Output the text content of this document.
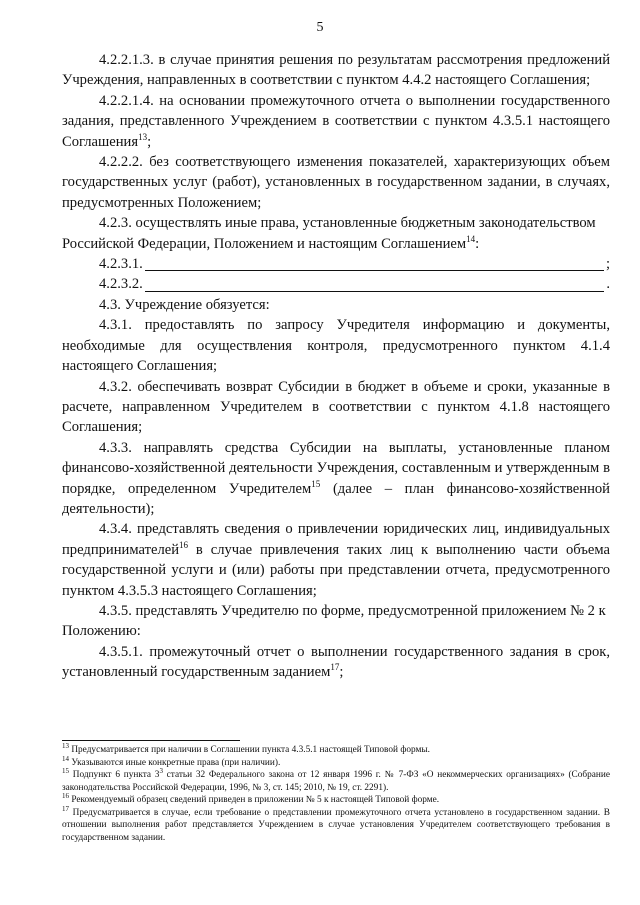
5

4.2.2.1.3. в случае принятия решения по результатам рассмотрения предложений Учреждения, направленных в соответствии с пунктом 4.4.2 настоящего Соглашения;

4.2.2.1.4. на основании промежуточного отчета о выполнении государственного задания, представленного Учреждением в соответствии с пунктом 4.3.5.1 настоящего Соглашения$^{13}$;

4.2.2.2. без соответствующего изменения показателей, характеризующих объем государственных услуг (работ), установленных в государственном задании, в случаях, предусмотренных Положением;

4.2.3. осуществлять иные права, установленные бюджетным законодательством Российской Федерации, Положением и настоящим Соглашением$^{14}$:

4.2.3.1.	;
4.2.3.2.	.

4.3. Учреждение обязуется:

4.3.1. предоставлять по запросу Учредителя информацию и документы, необходимые для осуществления контроля, предусмотренного пунктом 4.1.4 настоящего Соглашения;

4.3.2. обеспечивать возврат Субсидии в бюджет в объеме и сроки, указанные в расчете, направленном Учредителем в соответствии с пунктом 4.1.8 настоящего Соглашения;

4.3.3. направлять средства Субсидии на выплаты, установленные планом финансово-хозяйственной деятельности Учреждения, составленным и утвержденным в порядке, определенном Учредителем$^{15}$ (далее – план финансово-хозяйственной деятельности);

4.3.4. представлять сведения о привлечении юридических лиц, индивидуальных предпринимателей$^{16}$ в случае привлечения таких лиц к выполнению части объема государственной услуги и (или) работы при представлении отчета, предусмотренного пунктом 4.3.5.3 настоящего Соглашения;

4.3.5. представлять Учредителю по форме, предусмотренной приложением № 2 к Положению:

4.3.5.1. промежуточный отчет о выполнении государственного задания в срок, установленный государственным заданием$^{17}$;

$^{13}$ Предусматривается при наличии в Соглашении пункта 4.3.5.1 настоящей Типовой формы.

$^{14}$ Указываются иные конкретные права (при наличии).

$^{15}$ Подпункт 6 пункта $3^3$ статьи 32 Федерального закона от 12 января 1996 г. № 7-ФЗ «О некоммерческих организациях» (Собрание законодательства Российской Федерации, 1996, № 3, ст. 145; 2010, № 19, ст. 2291).

$^{16}$ Рекомендуемый образец сведений приведен в приложении № 5 к настоящей Типовой форме.

$^{17}$ Предусматривается в случае, если требование о представлении промежуточного отчета установлено в государственном задании. В отношении выполнения работ представляется Учреждением в случае установления Учредителем соответствующего требования в государственном задании.
